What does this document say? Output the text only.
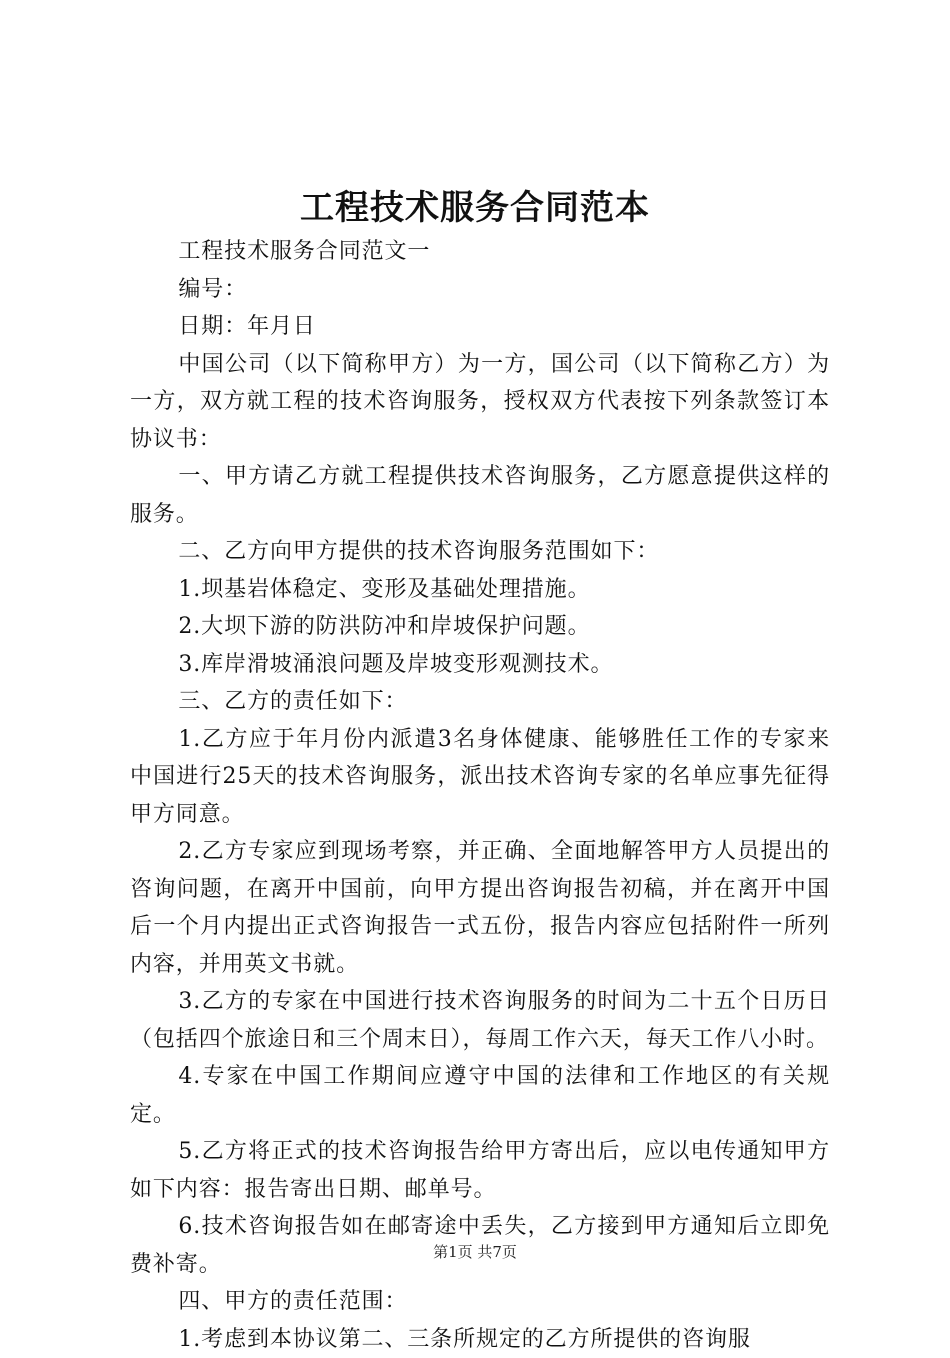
工程技术服务合同范本

工程技术服务合同范文一

编号：

日期：年月日

中国公司（以下简称甲方）为一方，国公司（以下简称乙方）为一方，双方就工程的技术咨询服务，授权双方代表按下列条款签订本协议书：

一、甲方请乙方就工程提供技术咨询服务，乙方愿意提供这样的服务。

二、乙方向甲方提供的技术咨询服务范围如下：

1.坝基岩体稳定、变形及基础处理措施。

2.大坝下游的防洪防冲和岸坡保护问题。

3.库岸滑坡涌浪问题及岸坡变形观测技术。

三、乙方的责任如下：

1.乙方应于年月份内派遣3名身体健康、能够胜任工作的专家来中国进行25天的技术咨询服务，派出技术咨询专家的名单应事先征得甲方同意。

2.乙方专家应到现场考察，并正确、全面地解答甲方人员提出的咨询问题，在离开中国前，向甲方提出咨询报告初稿，并在离开中国后一个月内提出正式咨询报告一式五份，报告内容应包括附件一所列内容，并用英文书就。

3.乙方的专家在中国进行技术咨询服务的时间为二十五个日历日（包括四个旅途日和三个周末日），每周工作六天，每天工作八小时。

4.专家在中国工作期间应遵守中国的法律和工作地区的有关规定。

5.乙方将正式的技术咨询报告给甲方寄出后，应以电传通知甲方如下内容：报告寄出日期、邮单号。

6.技术咨询报告如在邮寄途中丢失，乙方接到甲方通知后立即免费补寄。

四、甲方的责任范围：

1.考虑到本协议第二、三条所规定的乙方所提供的咨询服

第1页 共7页
